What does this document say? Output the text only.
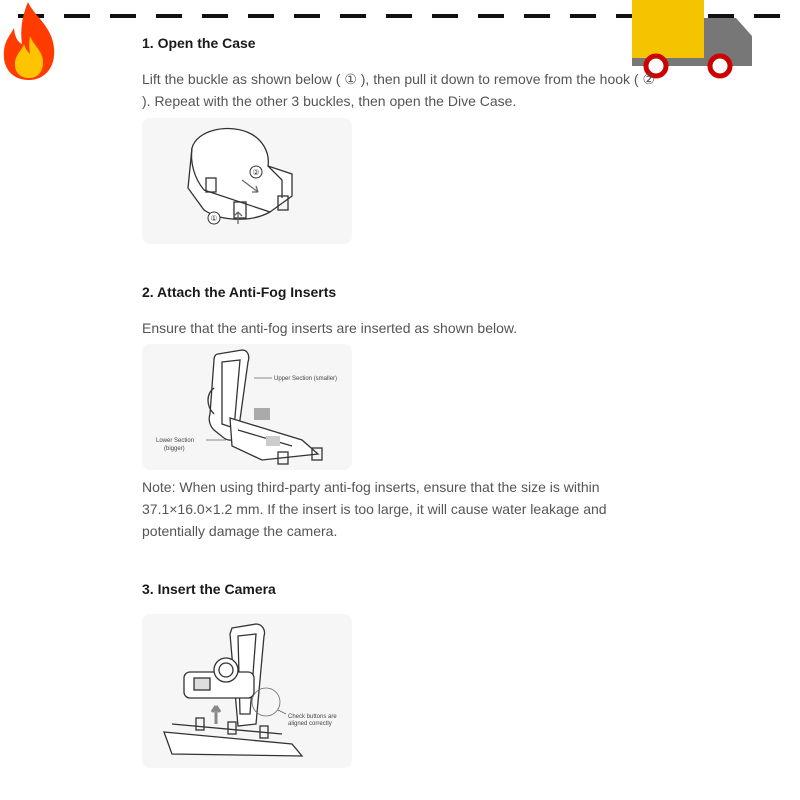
1. Open the Case
Lift the buckle as shown below ( ① ), then pull it down to remove from the hook ( ②
). Repeat with the other 3 buckles, then open the Dive Case.
②
①
2. Attach the Anti-Fog Inserts
Ensure that the anti-fog inserts are inserted as shown below.
Upper Section (smaller)
Lower Section
(bigger)
Note: When using third-party anti-fog inserts, ensure that the size is within
37.1×16.0×1.2 mm. If the insert is too large, it will cause water leakage and
potentially damage the camera.
3. Insert the Camera
Check buttons are
aligned correctly
